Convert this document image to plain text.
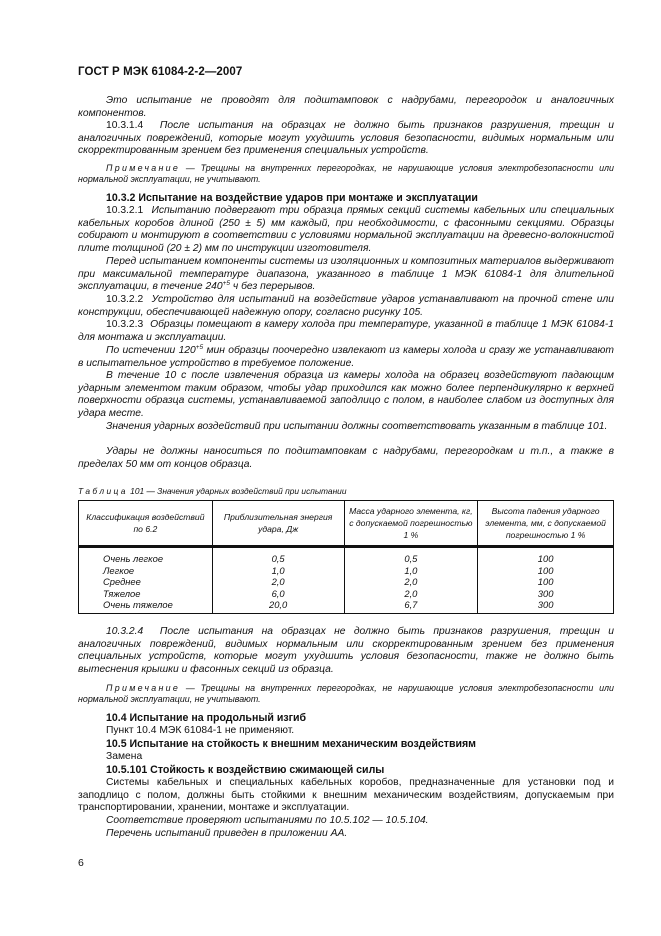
ГОСТ Р МЭК 61084-2-2—2007

Это испытание не проводят для подштамповок с надрубами, перегородок и аналогичных компонентов.

10.3.1.4 После испытания на образцах не должно быть признаков разрушения, трещин и аналогичных повреждений, которые могут ухудшить условия безопасности, видимых нормальным или скорректированным зрением без применения специальных устройств.

Примечание — Трещины на внутренних перегородках, не нарушающие условия электробезопасности или нормальной эксплуатации, не учитывают.

10.3.2 Испытание на воздействие ударов при монтаже и эксплуатации

10.3.2.1 Испытанию подвергают три образца прямых секций системы кабельных или специальных кабельных коробов длиной (250 ± 5) мм каждый, при необходимости, с фасонными секциями. Образцы собирают и монтируют в соответствии с условиями нормальной эксплуатации на древесно-волокнистой плите толщиной (20 ± 2) мм по инструкции изготовителя.

Перед испытанием компоненты системы из изоляционных и композитных материалов выдерживают при максимальной температуре диапазона, указанного в таблице 1 МЭК 61084-1 для длительной эксплуатации, в течение $240^{+5}$ ч без перерывов.

10.3.2.2 Устройство для испытаний на воздействие ударов устанавливают на прочной стене или конструкции, обеспечивающей надежную опору, согласно рисунку 105.

10.3.2.3 Образцы помещают в камеру холода при температуре, указанной в таблице 1 МЭК 61084-1 для монтажа и эксплуатации.

По истечении $120^{+5}$ мин образцы поочередно извлекают из камеры холода и сразу же устанавливают в испытательное устройство в требуемое положение.

В течение 10 с после извлечения образца из камеры холода на образец воздействуют падающим ударным элементом таким образом, чтобы удар приходился как можно более перпендикулярно к верхней поверхности образца системы, устанавливаемой заподлицо с полом, в наиболее слабом из доступных для удара месте.

Значения ударных воздействий при испытании должны соответствовать указанным в таблице 101.

Удары не должны наноситься по подштамповкам с надрубами, перегородкам и т.п., а также в пределах 50 мм от концов образца.

Таблица 101 — Значения ударных воздействий при испытании
Классификация воздействий по 6.2	Приблизительная энергия удара, Дж	Масса ударного элемента, кг, с допускаемой погрешностью 1 %	Высота падения ударного элемента, мм, с допускаемой погрешностью 1 %
Очень легкое	0,5	0,5	100
Легкое	1,0	1,0	100
Среднее	2,0	2,0	100
Тяжелое	6,0	2,0	300
Очень тяжелое	20,0	6,7	300

10.3.2.4 После испытания на образцах не должно быть признаков разрушения, трещин и аналогичных повреждений, видимых нормальным или скорректированным зрением без применения специальных устройств, которые могут ухудшить условия безопасности, также не должно быть вытеснения крышки и фасонных секций из образца.

Примечание — Трещины на внутренних перегородках, не нарушающие условия электробезопасности или нормальной эксплуатации, не учитывают.

10.4 Испытание на продольный изгиб

Пункт 10.4 МЭК 61084-1 не применяют.

10.5 Испытание на стойкость к внешним механическим воздействиям

Замена

10.5.101 Стойкость к воздействию сжимающей силы

Системы кабельных и специальных кабельных коробов, предназначенные для установки под и заподлицо с полом, должны быть стойкими к внешним механическим воздействиям, допускаемым при транспортировании, хранении, монтаже и эксплуатации.

Соответствие проверяют испытаниями по 10.5.102 — 10.5.104.

Перечень испытаний приведен в приложении АА.

6
